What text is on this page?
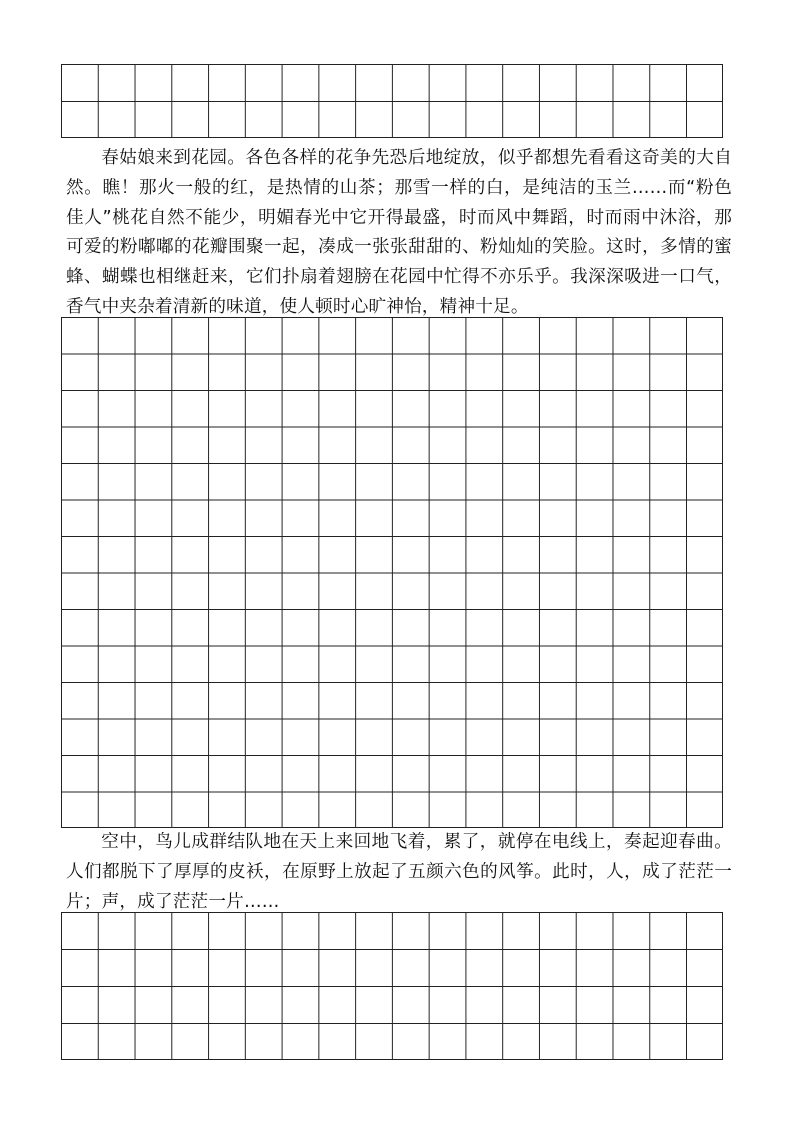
春姑娘来到花园。各色各样的花争先恐后地绽放，似乎都想先看看这奇美的大自然。瞧！那火一般的红，是热情的山茶；那雪一样的白，是纯洁的玉兰……而“粉色佳人”桃花自然不能少，明媚春光中它开得最盛，时而风中舞蹈，时而雨中沐浴，那可爱的粉嘟嘟的花瓣围聚一起，凑成一张张甜甜的、粉灿灿的笑脸。这时，多情的蜜蜂、蝴蝶也相继赶来，它们扑扇着翅膀在花园中忙得不亦乐乎。我深深吸进一口气，香气中夹杂着清新的味道，使人顿时心旷神怡，精神十足。

空中，鸟儿成群结队地在天上来回地飞着，累了，就停在电线上，奏起迎春曲。人们都脱下了厚厚的皮袄，在原野上放起了五颜六色的风筝。此时，人，成了茫茫一片；声，成了茫茫一片……
